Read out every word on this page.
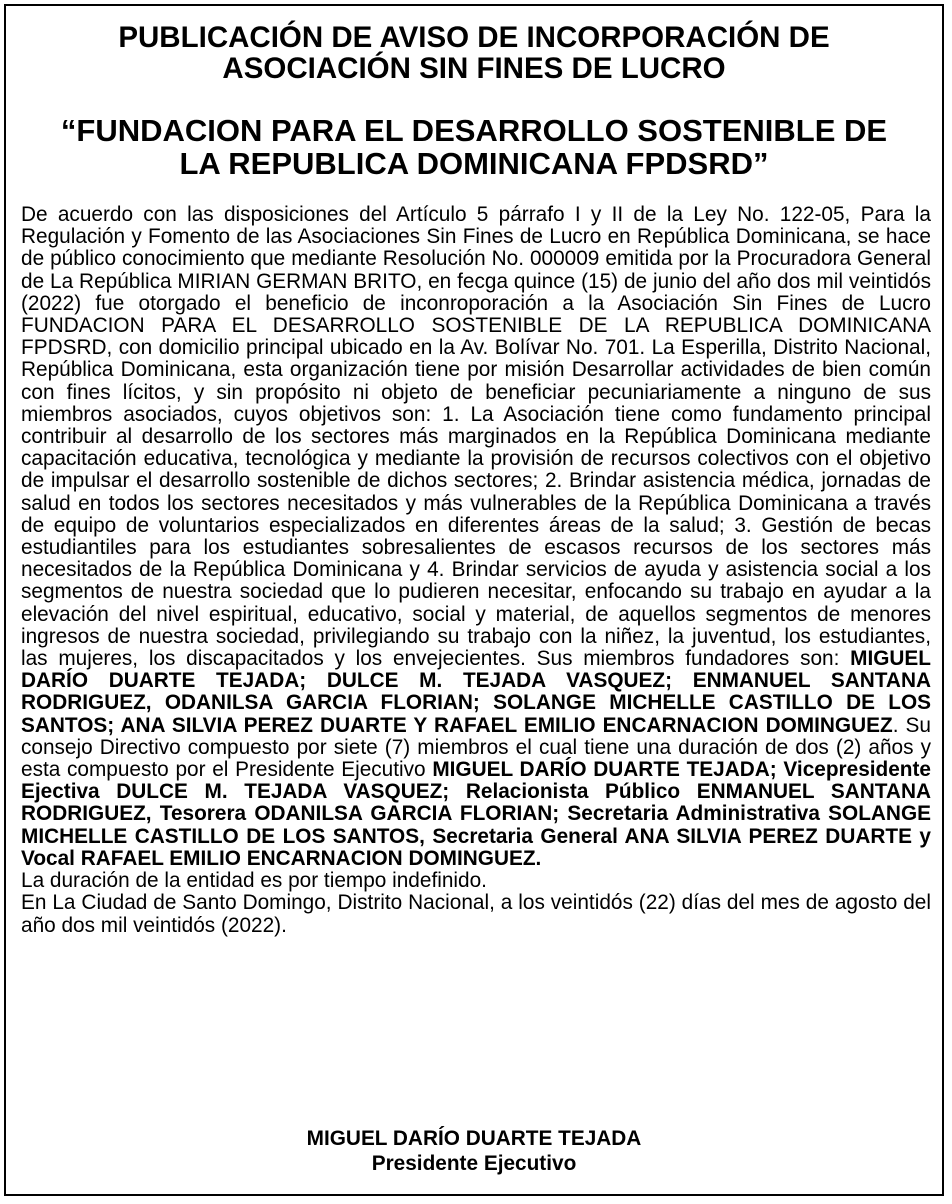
PUBLICACIÓN DE AVISO DE INCORPORACIÓN DE
ASOCIACIÓN SIN FINES DE LUCRO
“FUNDACION PARA EL DESARROLLO SOSTENIBLE DE
LA REPUBLICA DOMINICANA FPDSRD”

De acuerdo con las disposiciones del Artículo 5 párrafo I y II de la Ley No. 122-05, Para la Regulación y Fomento de las Asociaciones Sin Fines de Lucro en República Dominicana, se hace de público conocimiento que mediante Resolución No. 000009 emitida por la Procuradora General de La República MIRIAN GERMAN BRITO, en fecga quince (15) de junio del año dos mil veintidós (2022) fue otorgado el beneficio de inconroporación a la Asociación Sin Fines de Lucro FUNDACION PARA EL DESARROLLO SOSTENIBLE DE LA REPUBLICA DOMINICANA FPDSRD, con domicilio principal ubicado en la Av. Bolívar No. 701. La Esperilla, Distrito Nacional, República Dominicana, esta organización tiene por misión Desarrollar actividades de bien común con fines lícitos, y sin propósito ni objeto de beneficiar pecuniariamente a ninguno de sus miembros asociados, cuyos objetivos son: 1. La Asociación tiene como fundamento principal contribuir al desarrollo de los sectores más marginados en la República Dominicana mediante capacitación educativa, tecnológica y mediante la provisión de recursos colectivos con el objetivo de impulsar el desarrollo sostenible de dichos sectores; 2. Brindar asistencia médica, jornadas de salud en todos los sectores necesitados y más vulnerables de la República Dominicana a través de equipo de voluntarios especializados en diferentes áreas de la salud; 3. Gestión de becas estudiantiles para los estudiantes sobresalientes de escasos recursos de los sectores más necesitados de la República Dominicana y 4. Brindar servicios de ayuda y asistencia social a los segmentos de nuestra sociedad que lo pudieren necesitar, enfocando su trabajo en ayudar a la elevación del nivel espiritual, educativo, social y material, de aquellos segmentos de menores ingresos de nuestra sociedad, privilegiando su trabajo con la niñez, la juventud, los estudiantes, las mujeres, los discapacitados y los envejecientes. Sus miembros fundadores son: MIGUEL DARÍO DUARTE TEJADA; DULCE M. TEJADA VASQUEZ; ENMANUEL SANTANA RODRIGUEZ, ODANILSA GARCIA FLORIAN; SOLANGE MICHELLE CASTILLO DE LOS SANTOS; ANA SILVIA PEREZ DUARTE Y RAFAEL EMILIO ENCARNACION DOMINGUEZ. Su consejo Directivo compuesto por siete (7) miembros el cual tiene una duración de dos (2) años y esta compuesto por el Presidente Ejecutivo MIGUEL DARÍO DUARTE TEJADA; Vicepresidente Ejectiva DULCE M. TEJADA VASQUEZ; Relacionista Público ENMANUEL SANTANA RODRIGUEZ, Tesorera ODANILSA GARCIA FLORIAN; Secretaria Administrativa SOLANGE MICHELLE CASTILLO DE LOS SANTOS, Secretaria General ANA SILVIA PEREZ DUARTE y Vocal RAFAEL EMILIO ENCARNACION DOMINGUEZ.
La duración de la entidad es por tiempo indefinido.
En La Ciudad de Santo Domingo, Distrito Nacional, a los veintidós (22) días del mes de agosto del año dos mil veintidós (2022).

MIGUEL DARÍO DUARTE TEJADA

Presidente Ejecutivo
